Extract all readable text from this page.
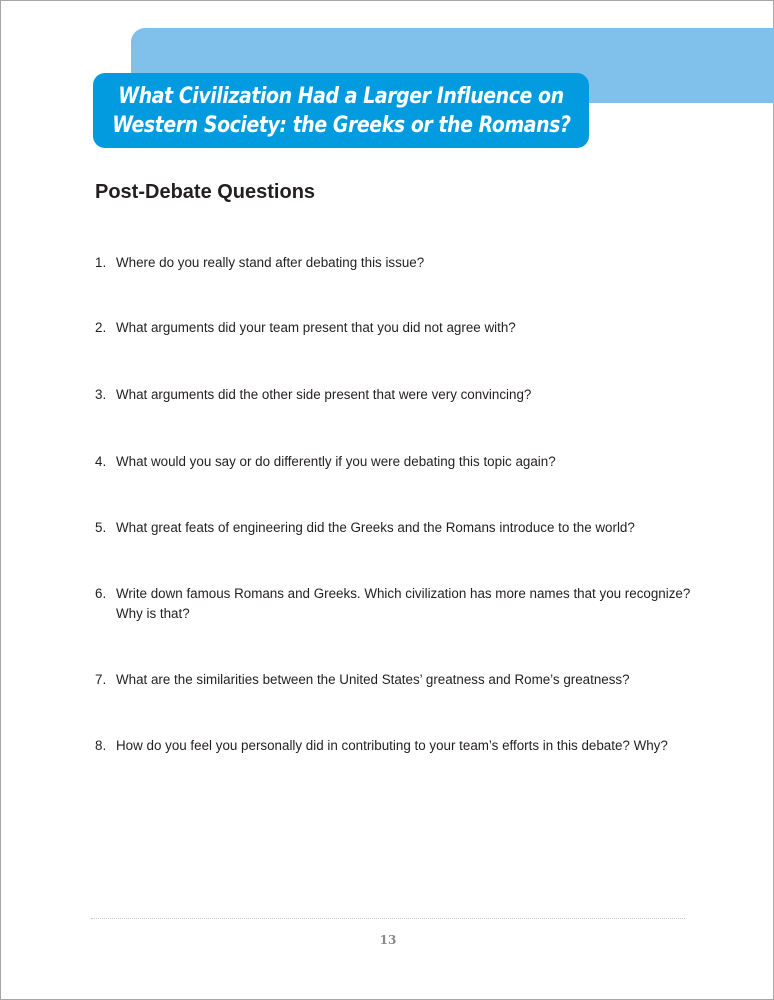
What Civilization Had a Larger Influence on
Western Society: the Greeks or the Romans?
Post-Debate Questions
1. Where do you really stand after debating this issue?
2. What arguments did your team present that you did not agree with?
3. What arguments did the other side present that were very convincing?
4. What would you say or do differently if you were debating this topic again?
5. What great feats of engineering did the Greeks and the Romans introduce to the world?
6. Write down famous Romans and Greeks. Which civilization has more names that you recognize? Why is that?
7. What are the similarities between the United States’ greatness and Rome’s greatness?
8. How do you feel you personally did in contributing to your team’s efforts in this debate? Why?
13
